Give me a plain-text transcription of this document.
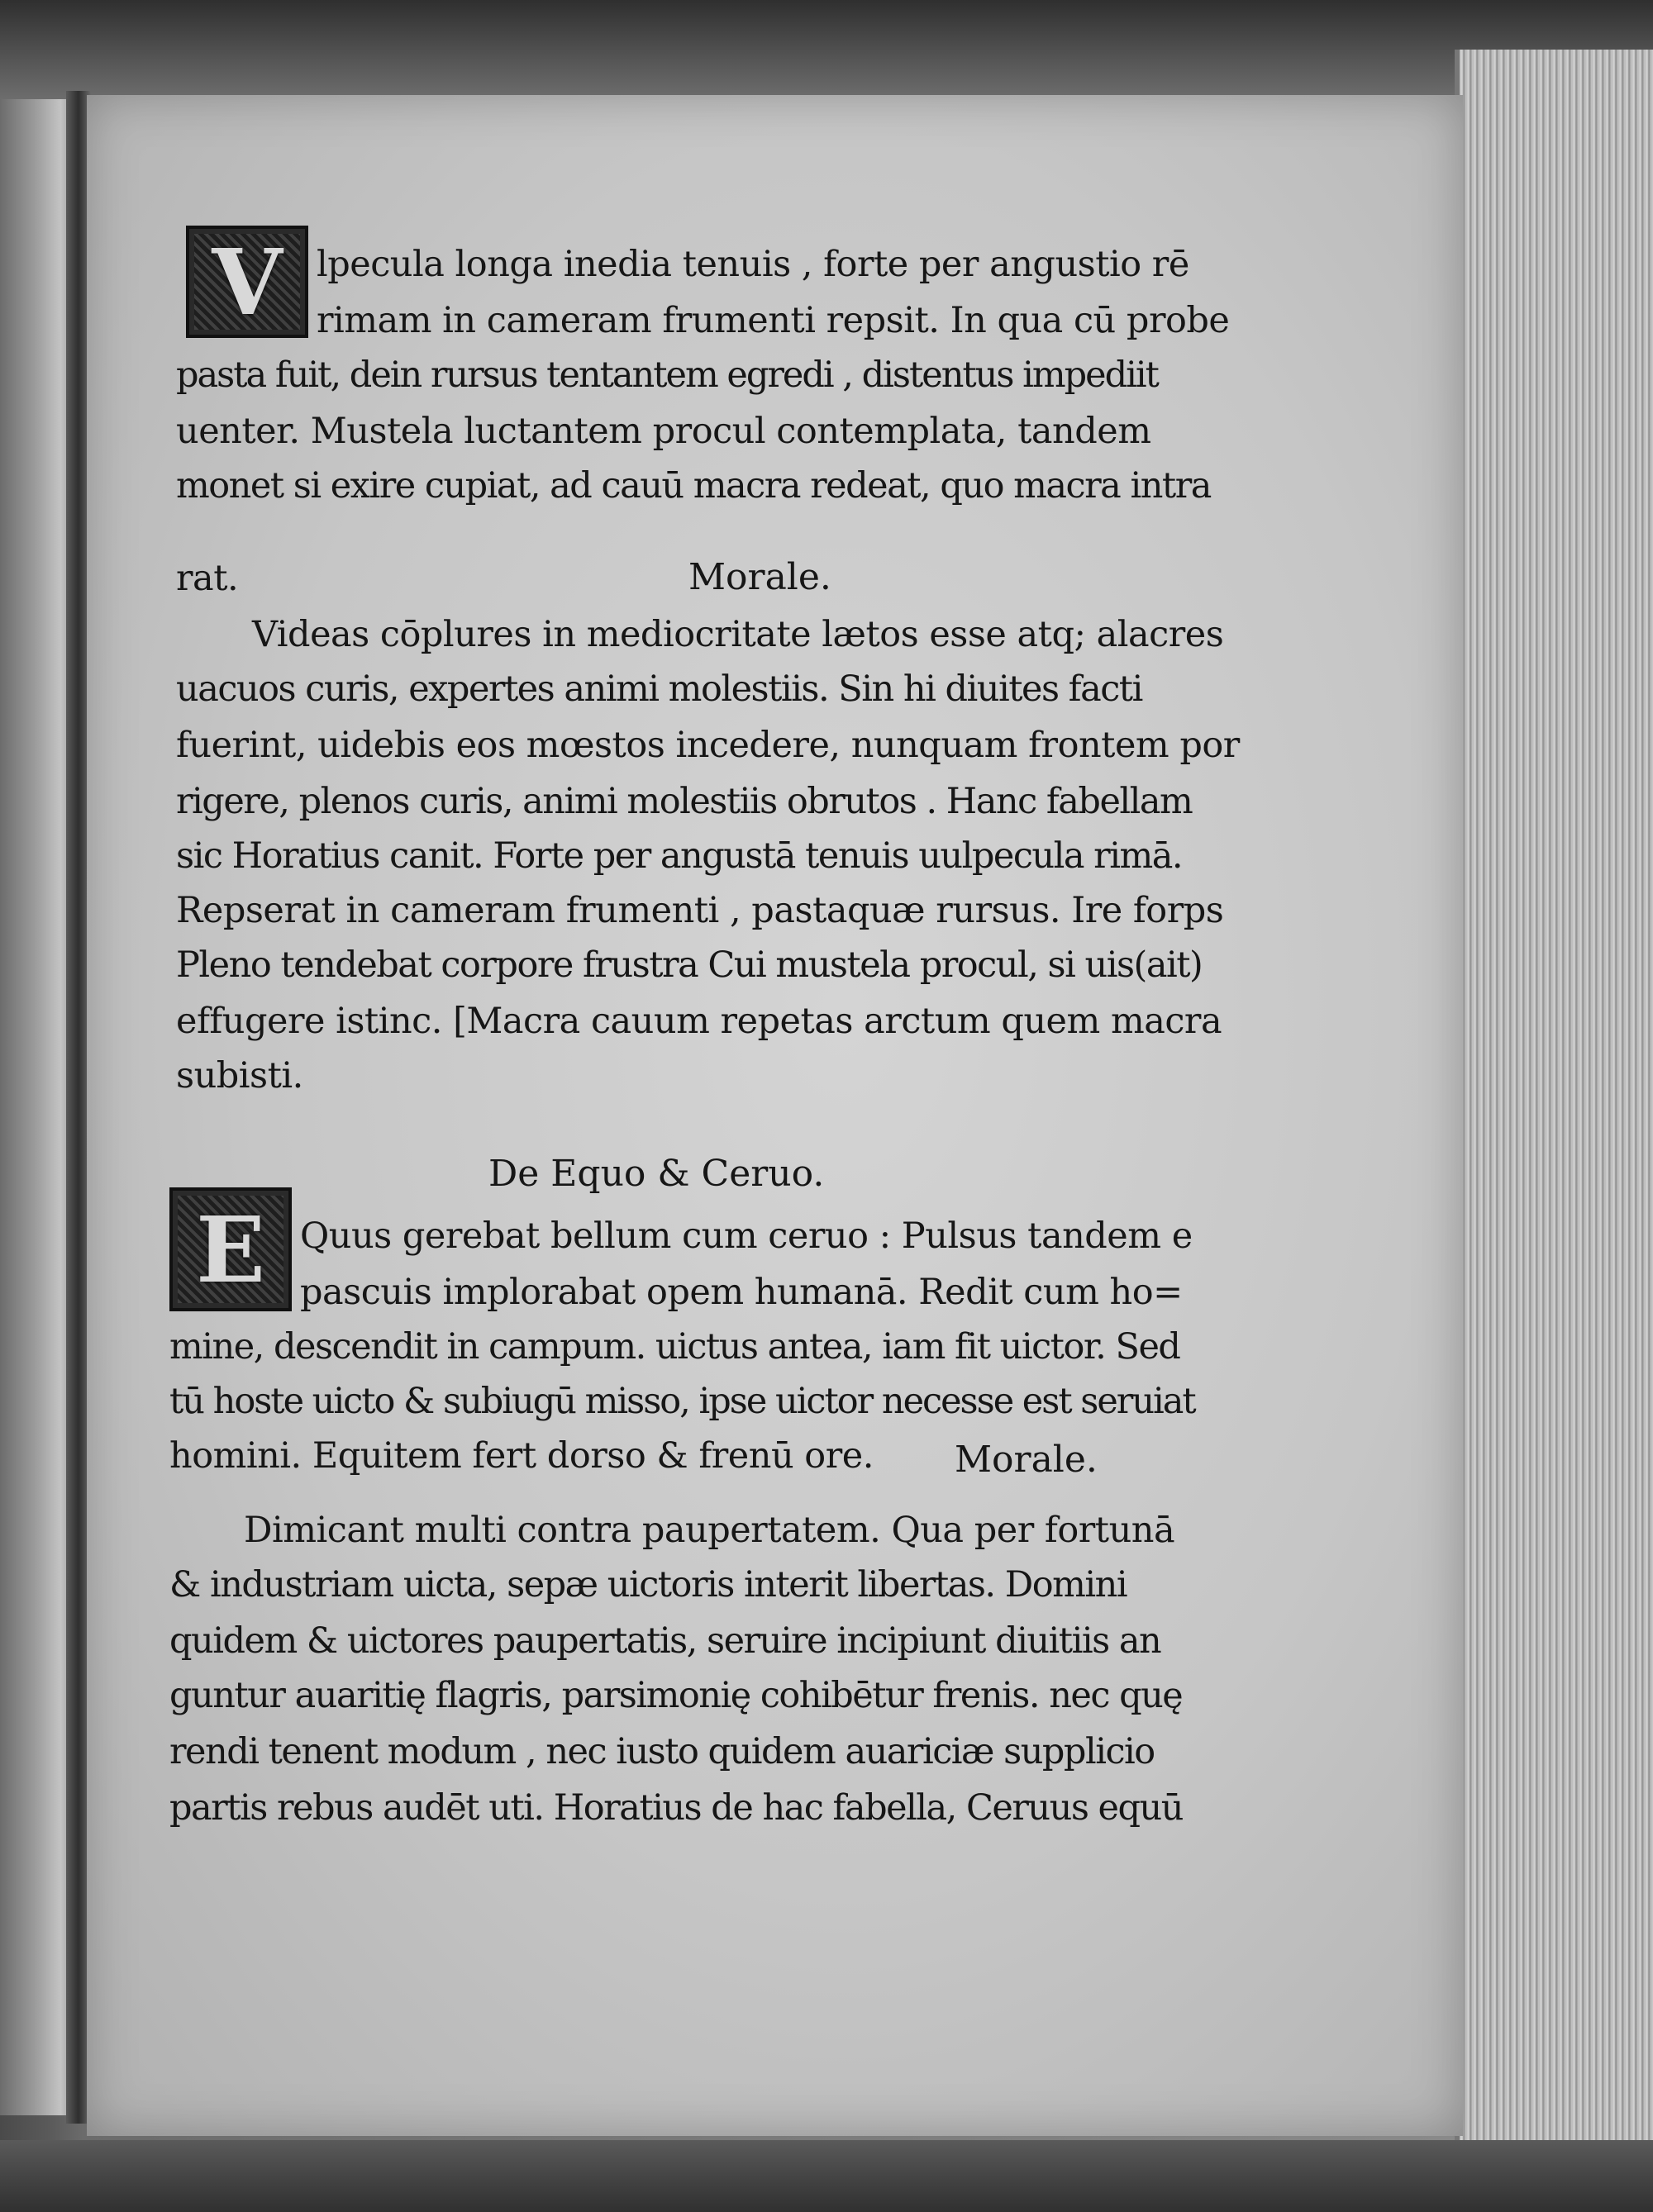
V lpecula longa inedia tenuis , forte per angustio rē
rimam in cameram frumenti repsit. In qua cū probe
pasta fuit, dein rursus tentantem egredi , distentus impediit
uenter. Mustela luctantem procul contemplata, tandem
monet si exire cupiat, ad cauū macra redeat, quo macra intra
rat.	Morale.
Videas cōplures in mediocritate lætos esse atq; alacres
uacuos curis, expertes animi molestiis. Sin hi diuites facti
fuerint, uidebis eos mœstos incedere, nunquam frontem por
rigere, plenos curis, animi molestiis obrutos . Hanc fabellam
sic Horatius canit. Forte per angustā tenuis uulpecula rimā.
Repserat in cameram frumenti , pastaquæ rursus. Ire forps
Pleno tendebat corpore frustra Cui mustela procul, si uis(ait)
effugere istinc. [Macra cauum repetas arctum quem macra
subisti.
De Equo & Ceruo.
E Quus gerebat bellum cum ceruo : Pulsus tandem e
pascuis implorabat opem humanā. Redit cum ho=
mine, descendit in campum. uictus antea, iam fit uictor. Sed
tū hoste uicto & subiugū misso, ipse uictor necesse est seruiat
homini. Equitem fert dorso & frenū ore. Morale.
Dimicant multi contra paupertatem. Qua per fortunā
& industriam uicta, sepæ uictoris interit libertas. Domini
quidem & uictores paupertatis, seruire incipiunt diuitiis an
guntur auaritię flagris, parsimonię cohibētur frenis. nec quę
rendi tenent modum , nec iusto quidem auariciæ supplicio
partis rebus audēt uti. Horatius de hac fabella, Ceruus equū
